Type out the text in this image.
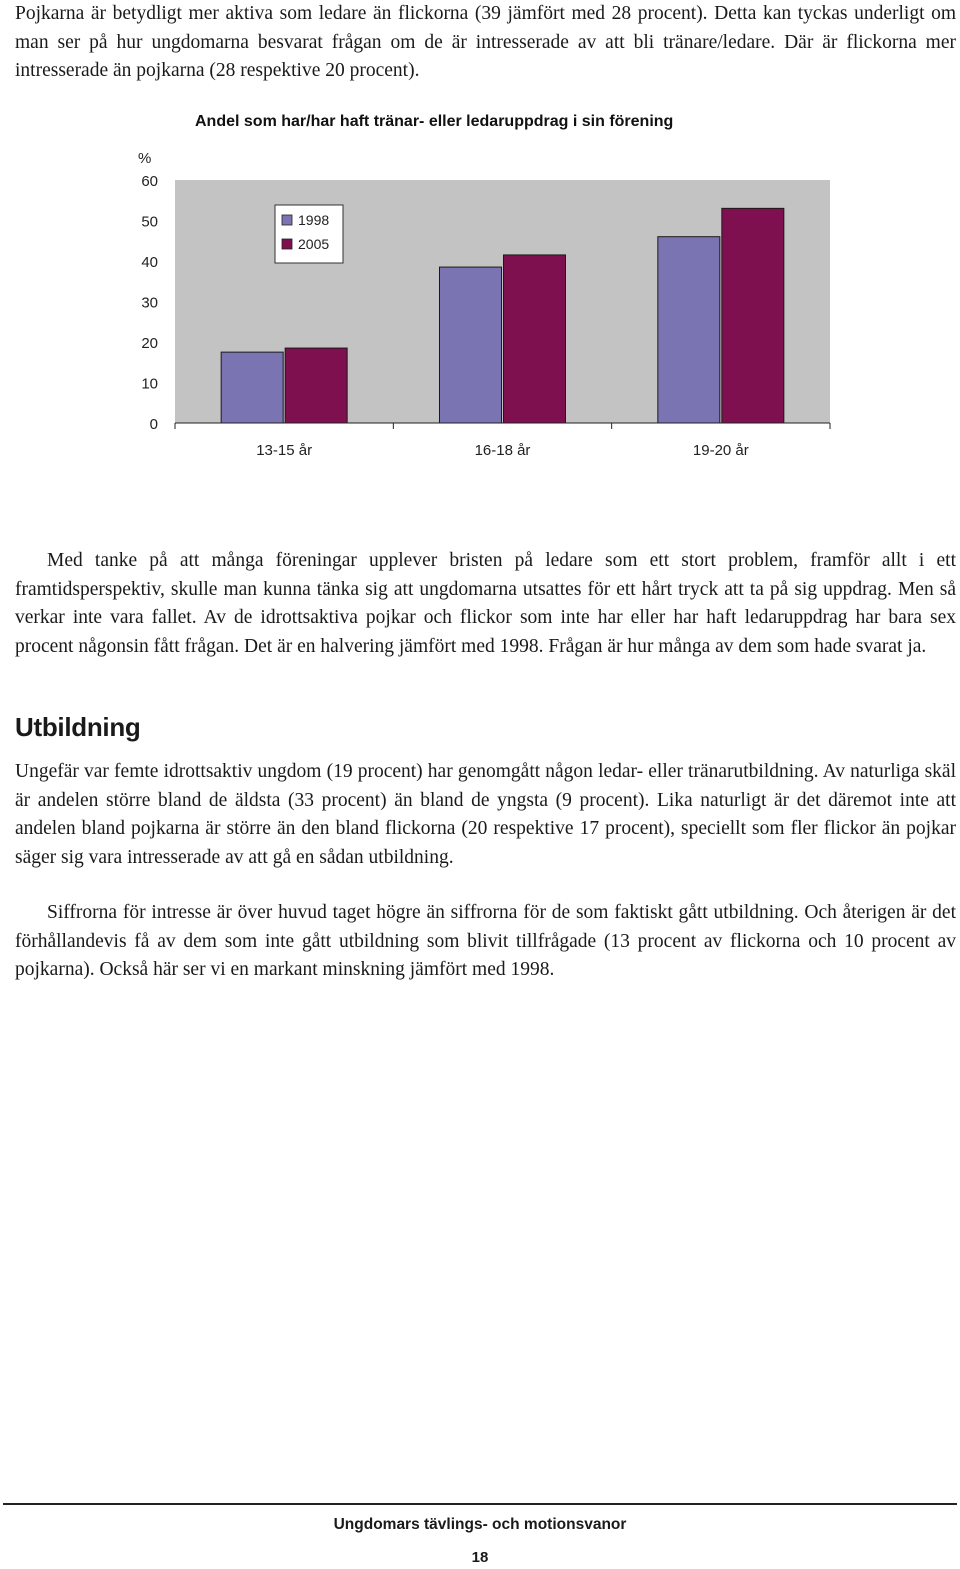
Pojkarna är betydligt mer aktiva som ledare än flickorna (39 jämfört med 28 procent). Detta kan tyckas underligt om man ser på hur ungdomarna besvarat frågan om de är intresserade av att bli tränare/ledare. Där är flickorna mer intresserade än pojkarna (28 respektive 20 procent).

Andel som har/har haft tränar- eller ledaruppdrag i sin förening
%
0
10
20
30
40
50
60
13-15 år	16-18 år	19-20 år
1998
2005

Med tanke på att många föreningar upplever bristen på ledare som ett stort problem, framför allt i ett framtidsperspektiv, skulle man kunna tänka sig att ungdomarna utsattes för ett hårt tryck att ta på sig uppdrag. Men så verkar inte vara fallet. Av de idrottsaktiva pojkar och flickor som inte har eller har haft ledaruppdrag har bara sex procent någonsin fått frågan. Det är en halvering jämfört med 1998. Frågan är hur många av dem som hade svarat ja.

Utbildning

Ungefär var femte idrottsaktiv ungdom (19 procent) har genomgått någon ledar- eller tränarutbildning. Av naturliga skäl är andelen större bland de äldsta (33 procent) än bland de yngsta (9 procent). Lika naturligt är det däremot inte att andelen bland pojkarna är större än den bland flickorna (20 respektive 17 procent), speciellt som fler flickor än pojkar säger sig vara intresserade av att gå en sådan utbildning.

Siffrorna för intresse är över huvud taget högre än siffrorna för de som faktiskt gått utbildning. Och återigen är det förhållandevis få av dem som inte gått utbildning som blivit tillfrågade (13 procent av flickorna och 10 procent av pojkarna). Också här ser vi en markant minskning jämfört med 1998.

Ungdomars tävlings- och motionsvanor
18
